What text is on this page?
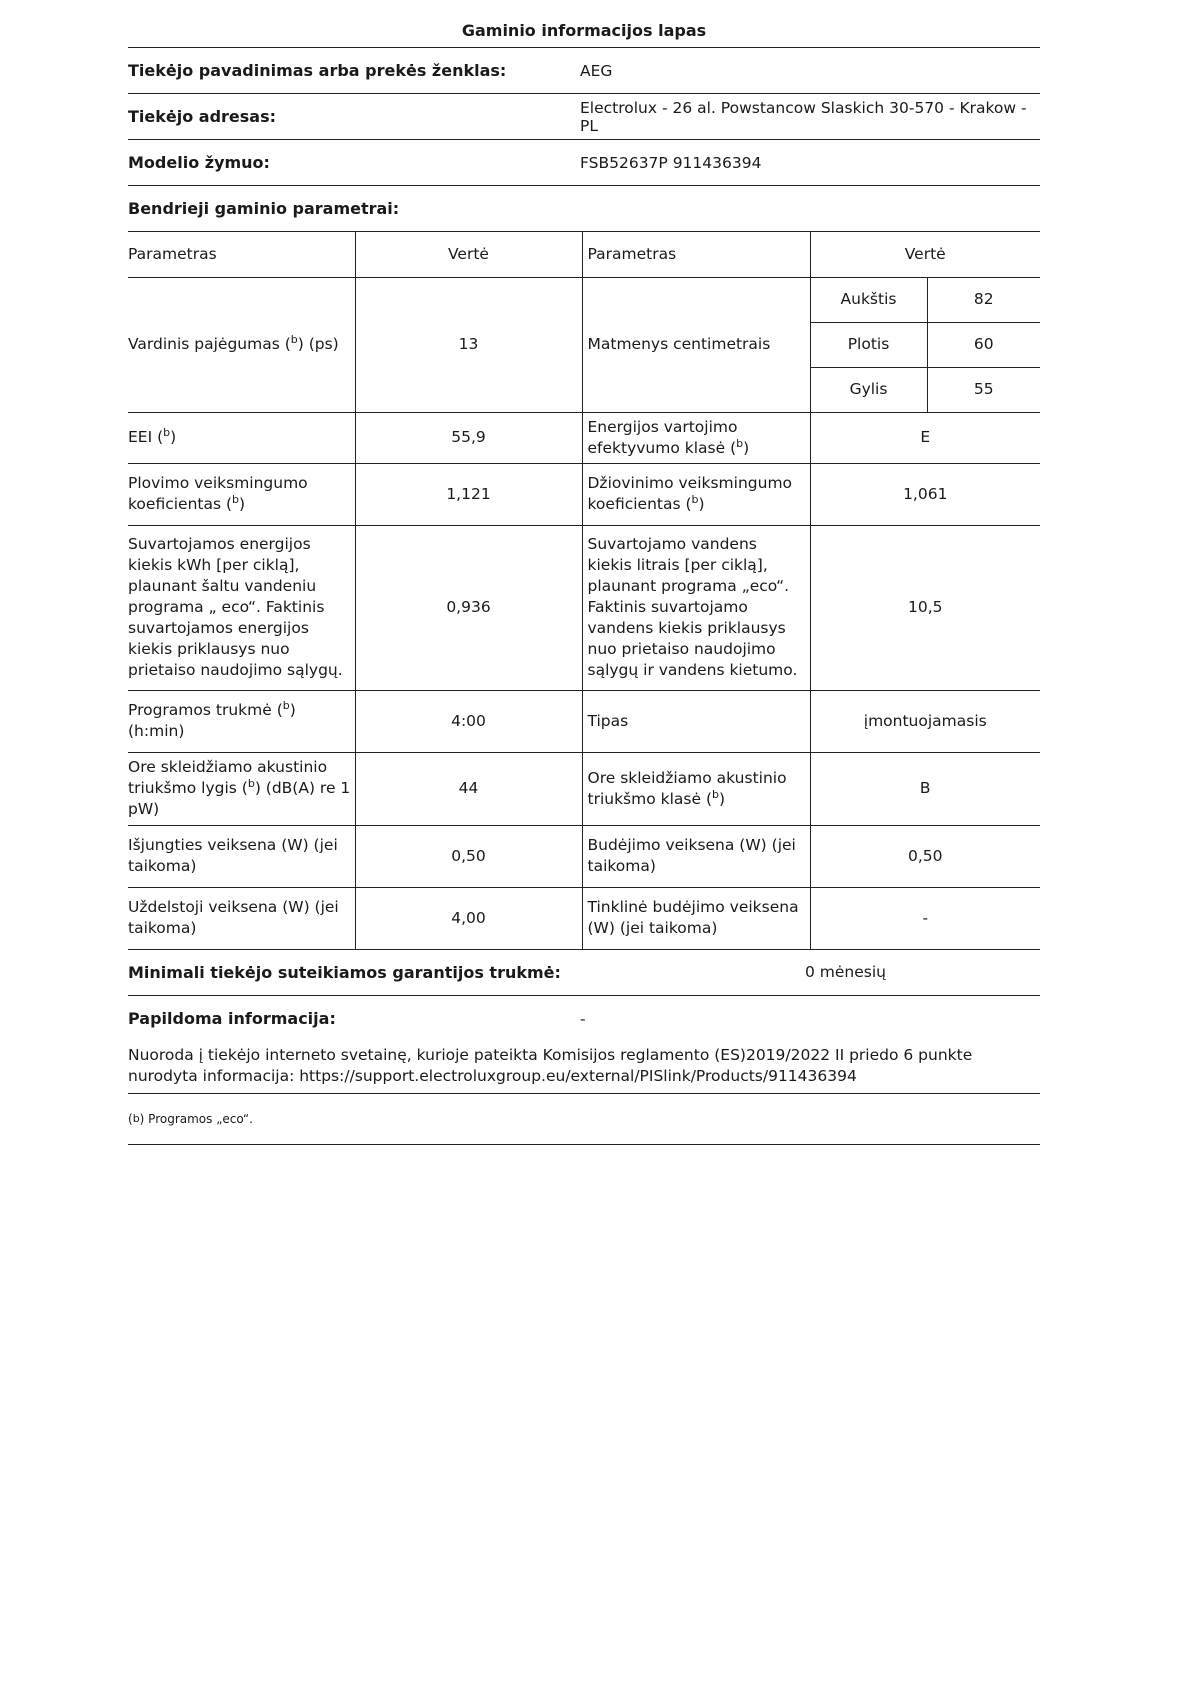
Gaminio informacijos lapas
Tiekėjo pavadinimas arba prekės ženklas:	AEG
Tiekėjo adresas:	Electrolux - 26 al. Powstancow Slaskich 30-570 - Krakow - PL
Modelio žymuo:	FSB52637P 911436394
Bendrieji gaminio parametrai:
Parametras	Vertė	Parametras	Vertė	
Vardinis pajėgumas ($^b$) (ps)	13	Matmenys centimetrais	Aukštis	82
			Plotis	60
			Gylis	55
EEI ($^b$)	55,9	Energijos vartojimo efektyvumo klasė ($^b$)	E	
Plovimo veiksmingumo koeficientas ($^b$)	1,121	Džiovinimo veiksmingumo koeficientas ($^b$)	1,061	
Suvartojamos energijos kiekis kWh [per ciklą], plaunant šaltu vandeniu programa „ eco“. Faktinis suvartojamos energijos kiekis priklausys nuo prietaiso naudojimo sąlygų.	0,936	Suvartojamo vandens kiekis litrais [per ciklą], plaunant programa „eco“. Faktinis suvartojamo vandens kiekis priklausys nuo prietaiso naudojimo sąlygų ir vandens kietumo.	10,5	
Programos trukmė ($^b$) (h:min)	4:00	Tipas	įmontuojamasis	
Ore skleidžiamo akustinio triukšmo lygis ($^b$) (dB(A) re 1 pW)	44	Ore skleidžiamo akustinio triukšmo klasė ($^b$)	B	
Išjungties veiksena (W) (jei taikoma)	0,50	Budėjimo veiksena (W) (jei taikoma)	0,50	
Uždelstoji veiksena (W) (jei taikoma)	4,00	Tinklinė budėjimo veiksena (W) (jei taikoma)	-	
Minimali tiekėjo suteikiamos garantijos trukmė:	0 mėnesių
Papildoma informacija:	-
Nuoroda į tiekėjo interneto svetainę, kurioje pateikta Komisijos reglamento (ES)2019/2022 II priedo 6 punkte nurodyta informacija: https://support.electroluxgroup.eu/external/PISlink/Products/911436394
( b ) Programos „eco“.
